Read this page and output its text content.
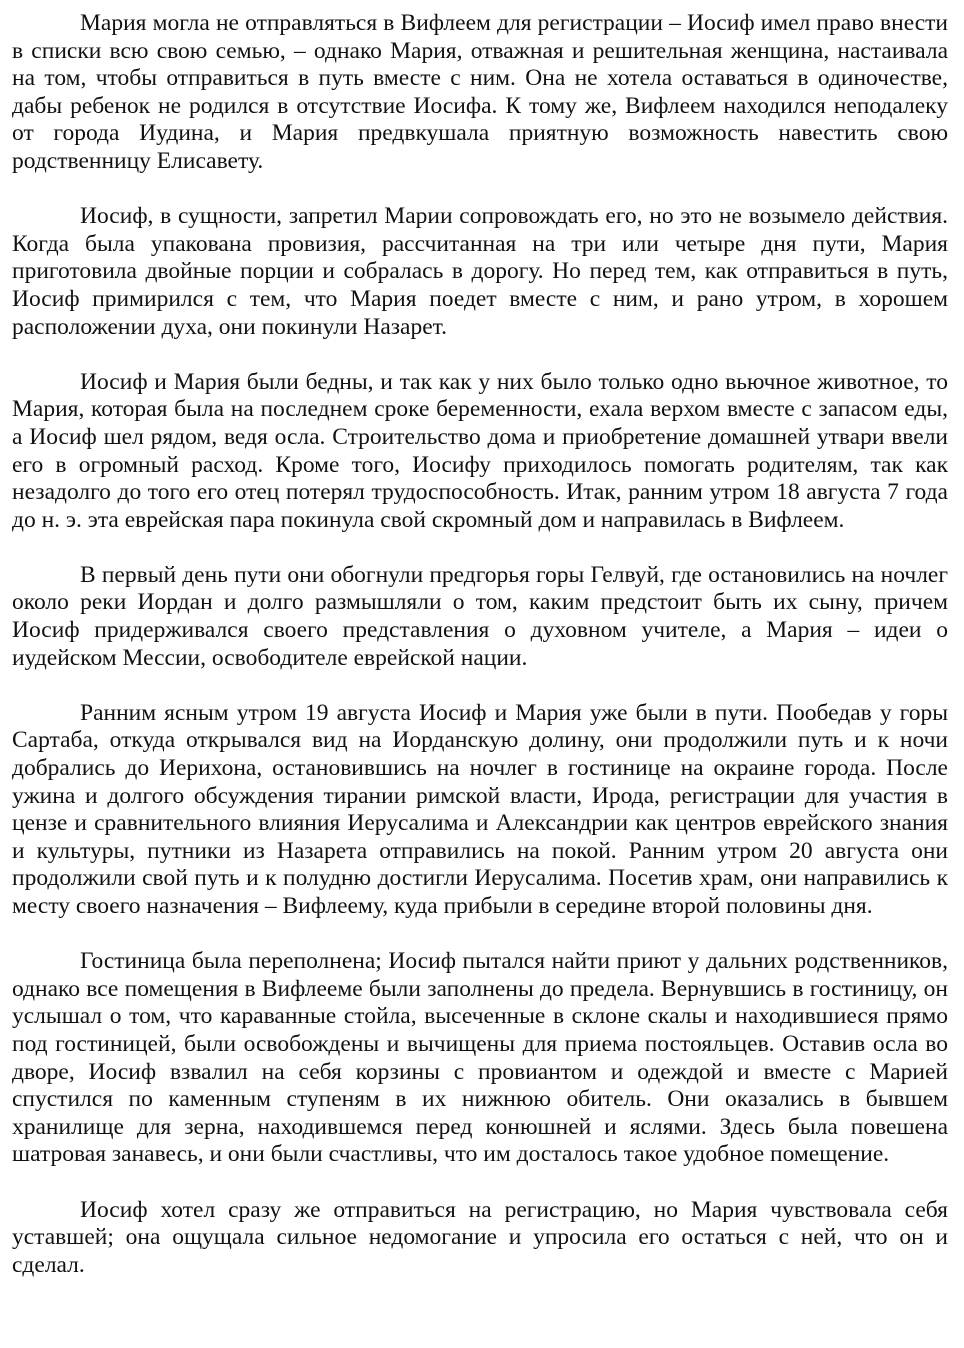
Мария могла не отправляться в Вифлеем для регистрации – Иосиф имел право внести в списки всю свою семью, – однако Мария, отважная и решительная женщина, настаивала на том, чтобы отправиться в путь вместе с ним. Она не хотела оставаться в одиночестве, дабы ребенок не родился в отсутствие Иосифа. К тому же, Вифлеем находился неподалеку от города Иудина, и Мария предвкушала приятную возможность навестить свою родственницу Елисавету.

Иосиф, в сущности, запретил Марии сопровождать его, но это не возымело действия. Когда была упакована провизия, рассчитанная на три или четыре дня пути, Мария приготовила двойные порции и собралась в дорогу. Но перед тем, как отправиться в путь, Иосиф примирился с тем, что Мария поедет вместе с ним, и рано утром, в хорошем расположении духа, они покинули Назарет.

Иосиф и Мария были бедны, и так как у них было только одно вьючное животное, то Мария, которая была на последнем сроке беременности, ехала верхом вместе с запасом еды, а Иосиф шел рядом, ведя осла. Строительство дома и приобретение домашней утвари ввели его в огромный расход. Кроме того, Иосифу приходилось помогать родителям, так как незадолго до того его отец потерял трудоспособность. Итак, ранним утром 18 августа 7 года до н. э. эта еврейская пара покинула свой скромный дом и направилась в Вифлеем.

В первый день пути они обогнули предгорья горы Гелвуй, где остановились на ночлег около реки Иордан и долго размышляли о том, каким предстоит быть их сыну, причем Иосиф придерживался своего представления о духовном учителе, а Мария – идеи о иудейском Мессии, освободителе еврейской нации.

Ранним ясным утром 19 августа Иосиф и Мария уже были в пути. Пообедав у горы Сартаба, откуда открывался вид на Иорданскую долину, они продолжили путь и к ночи добрались до Иерихона, остановившись на ночлег в гостинице на окраине города. После ужина и долгого обсуждения тирании римской власти, Ирода, регистрации для участия в цензе и сравнительного влияния Иерусалима и Александрии как центров еврейского знания и культуры, путники из Назарета отправились на покой. Ранним утром 20 августа они продолжили свой путь и к полудню достигли Иерусалима. Посетив храм, они направились к месту своего назначения – Вифлеему, куда прибыли в середине второй половины дня.

Гостиница была переполнена; Иосиф пытался найти приют у дальних родственников, однако все помещения в Вифлееме были заполнены до предела. Вернувшись в гостиницу, он услышал о том, что караванные стойла, высеченные в склоне скалы и находившиеся прямо под гостиницей, были освобождены и вычищены для приема постояльцев. Оставив осла во дворе, Иосиф взвалил на себя корзины с провиантом и одеждой и вместе с Марией спустился по каменным ступеням в их нижнюю обитель. Они оказались в бывшем хранилище для зерна, находившемся перед конюшней и яслями. Здесь была повешена шатровая занавесь, и они были счастливы, что им досталось такое удобное помещение.

Иосиф хотел сразу же отправиться на регистрацию, но Мария чувствовала себя уставшей; она ощущала сильное недомогание и упросила его остаться с ней, что он и сделал.
